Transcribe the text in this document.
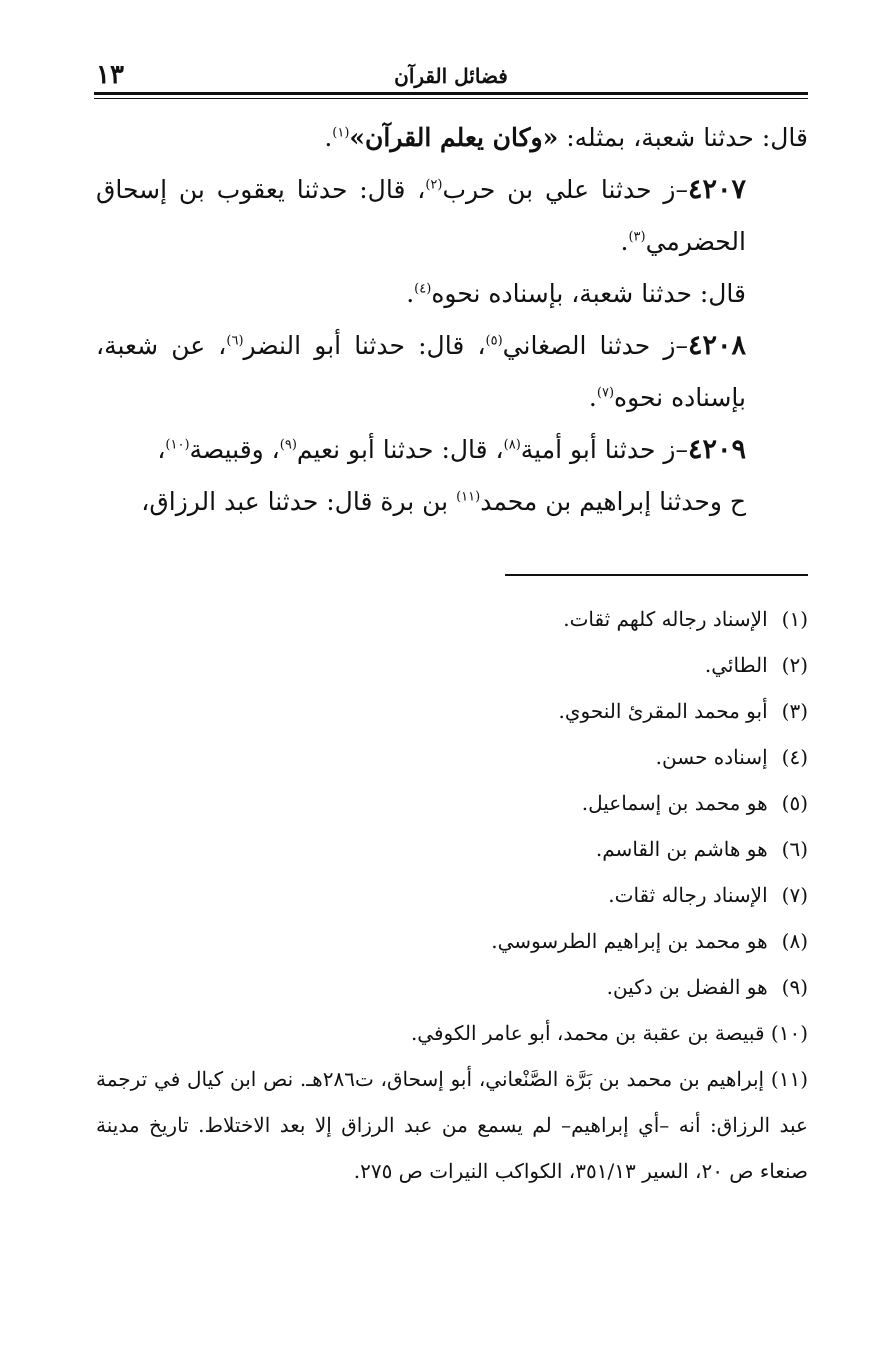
١٣	فضائل القرآن

قال: حدثنا شعبة، بمثله: «وكان يعلم القرآن»$^{(١)}$.

٤٢٠٧–ز حدثنا علي بن حرب$^{(٢)}$، قال: حدثنا يعقوب بن إسحاق الحضرمي$^{(٣)}$.

قال: حدثنا شعبة، بإسناده نحوه$^{(٤)}$.

٤٢٠٨–ز حدثنا الصغاني$^{(٥)}$، قال: حدثنا أبو النضر$^{(٦)}$، عن شعبة، بإسناده نحوه$^{(٧)}$.

٤٢٠٩–ز حدثنا أبو أمية$^{(٨)}$، قال: حدثنا أبو نعيم$^{(٩)}$، وقبيصة$^{(١٠)}$،

ح وحدثنا إبراهيم بن محمد$^{(١١)}$ بن برة قال: حدثنا عبد الرزاق،

(١) الإسناد رجاله كلهم ثقات.

(٢) الطائي.

(٣) أبو محمد المقرئ النحوي.

(٤) إسناده حسن.

(٥) هو محمد بن إسماعيل.

(٦) هو هاشم بن القاسم.

(٧) الإسناد رجاله ثقات.

(٨) هو محمد بن إبراهيم الطرسوسي.

(٩) هو الفضل بن دكين.

(١٠) قبيصة بن عقبة بن محمد، أبو عامر الكوفي.

(١١) إبراهيم بن محمد بن بَرَّة الصَّنْعاني، أبو إسحاق، ت٢٨٦هـ. نص ابن كيال في ترجمة عبد الرزاق: أنه –أي إبراهيم– لم يسمع من عبد الرزاق إلا بعد الاختلاط. تاريخ مدينة صنعاء ص ٢٠، السير ٣٥١/١٣، الكواكب النيرات ص ٢٧٥.
